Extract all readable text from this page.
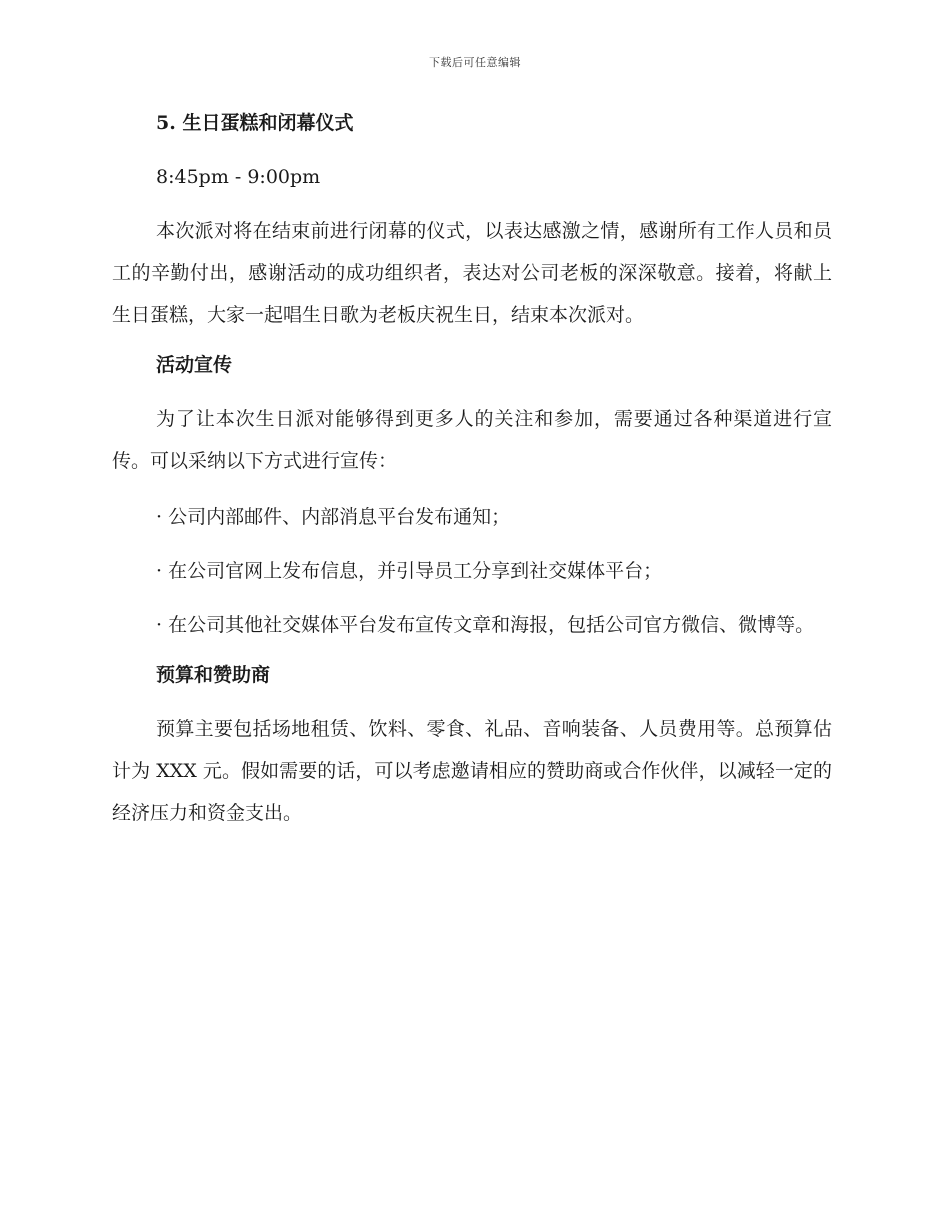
下载后可任意编辑
5. 生日蛋糕和闭幕仪式
8:45pm - 9:00pm

本次派对将在结束前进行闭幕的仪式，以表达感激之情，感谢所有工作人员和员工的辛勤付出，感谢活动的成功组织者，表达对公司老板的深深敬意。接着，将献上生日蛋糕，大家一起唱生日歌为老板庆祝生日，结束本次派对。

活动宣传

为了让本次生日派对能够得到更多人的关注和参加，需要通过各种渠道进行宣传。可以采纳以下方式进行宣传：

· 公司内部邮件、内部消息平台发布通知；

· 在公司官网上发布信息，并引导员工分享到社交媒体平台；

· 在公司其他社交媒体平台发布宣传文章和海报，包括公司官方微信、微博等。

预算和赞助商

预算主要包括场地租赁、饮料、零食、礼品、音响装备、人员费用等。总预算估计为 XXX 元。假如需要的话，可以考虑邀请相应的赞助商或合作伙伴，以减轻一定的经济压力和资金支出。
